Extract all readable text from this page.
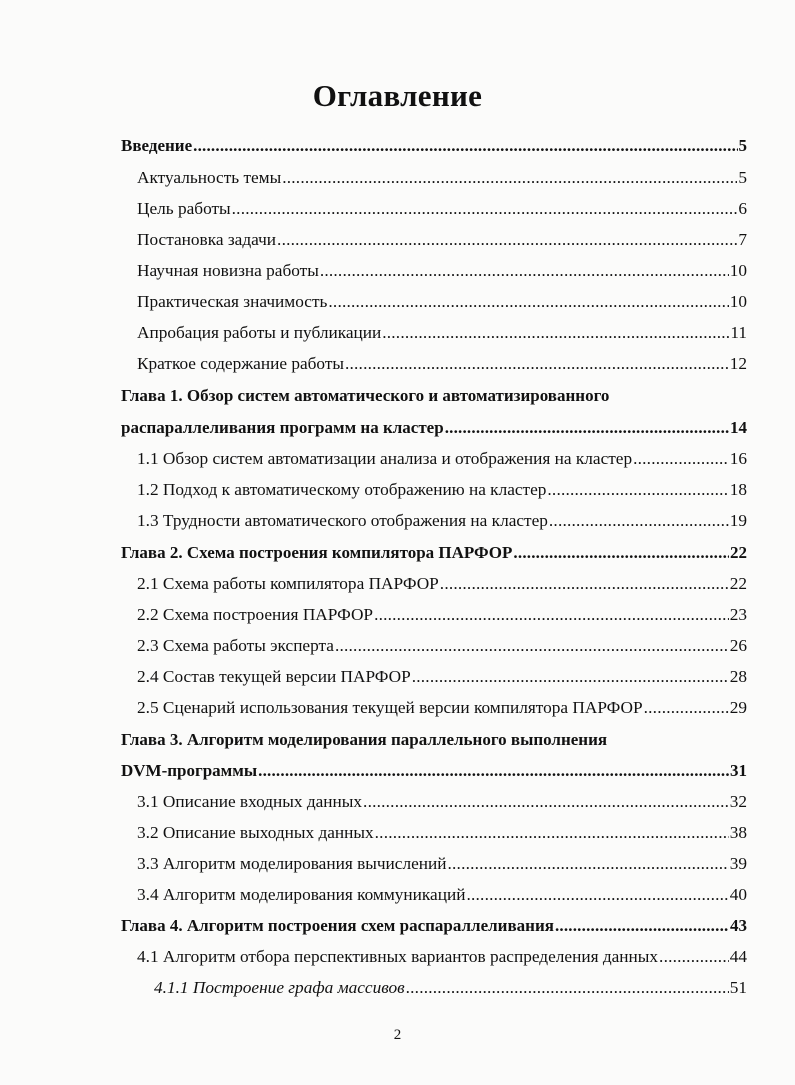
Оглавление
Введение .....	5
Актуальность темы .....	5
Цель работы .....	6
Постановка задачи .....	7
Научная новизна работы .....	10
Практическая значимость .....	10
Апробация работы и публикации .....	11
Краткое содержание работы .....	12
Глава 1. Обзор систем автоматического и автоматизированного
распараллеливания программ на кластер .....	14
1.1 Обзор систем автоматизации анализа и отображения на кластер .....	16
1.2 Подход к автоматическому отображению на кластер .....	18
1.3 Трудности автоматического отображения на кластер .....	19
Глава 2. Схема построения компилятора ПАРФОР .....	22
2.1 Схема работы компилятора ПАРФОР .....	22
2.2 Схема построения ПАРФОР .....	23
2.3 Схема работы эксперта .....	26
2.4 Состав текущей версии ПАРФОР .....	28
2.5 Сценарий использования текущей версии компилятора ПАРФОР .....	29
Глава 3. Алгоритм моделирования параллельного выполнения
DVM-программы .....	31
3.1 Описание входных данных .....	32
3.2 Описание выходных данных .....	38
3.3 Алгоритм моделирования вычислений .....	39
3.4 Алгоритм моделирования коммуникаций .....	40
Глава 4. Алгоритм построения схем распараллеливания .....	43
4.1 Алгоритм отбора перспективных вариантов распределения данных .....	44
4.1.1 Построение графа массивов .....	51
2
